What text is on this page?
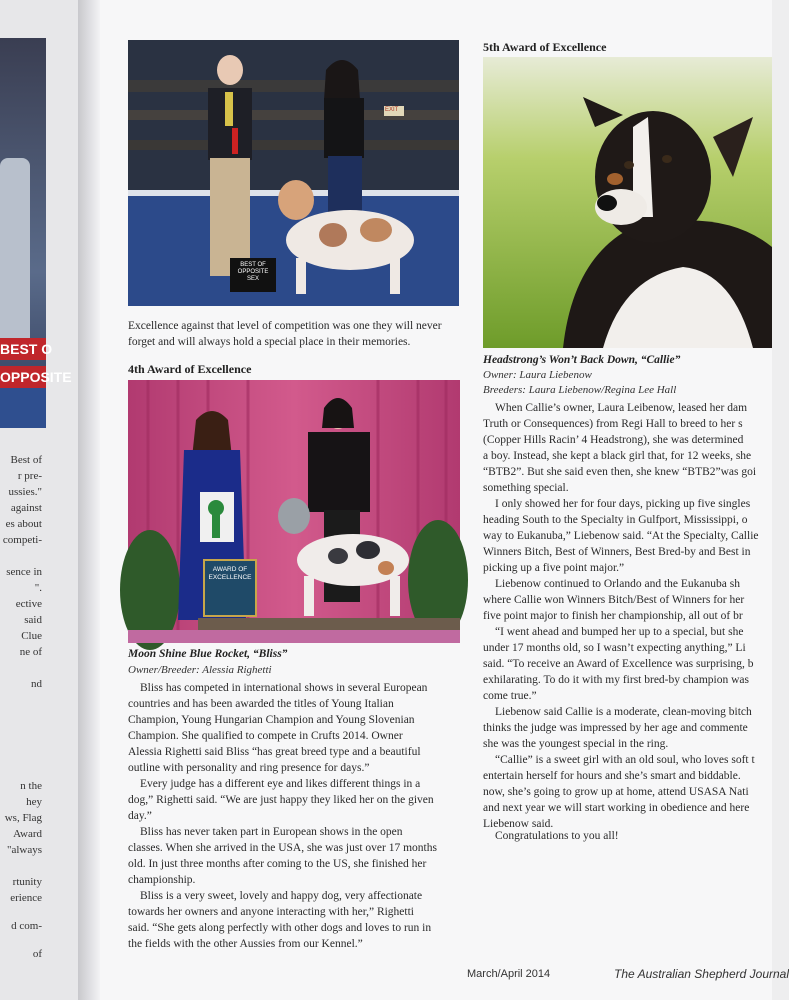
BEST O
OPPOSITE
Best of
r pre-
ussies."
against
es about
competi-
sence in
".
ective
said
Clue
ne of
nd
n the
hey
ws, Flag
Award
"always
rtunity
erience
d com-
of
BEST OF OPPOSITE SEX
EXIT
Excellence against that level of competition was one they will never
forget and will always hold a special place in their memories.
4th Award of Excellence
AWARD OF EXCELLENCE
Moon Shine Blue Rocket, “Bliss”
Owner/Breeder: Alessia Righetti
Bliss has competed in international shows in several European
countries and has been awarded the titles of Young Italian
Champion, Young Hungarian Champion and Young Slovenian
Champion. She qualified to compete in Crufts 2014. Owner
Alessia Righetti said Bliss “has great breed type and a beautiful
outline with personality and ring presence for days.”
Every judge has a different eye and likes different things in a
dog,” Righetti said. “We are just happy they liked her on the given
day.”
Bliss has never taken part in European shows in the open
classes. When she arrived in the USA, she was just over 17 months
old. In just three months after coming to the US, she finished her
championship.
Bliss is a very sweet, lovely and happy dog, very affectionate
towards her owners and anyone interacting with her,” Righetti
said. “She gets along perfectly with other dogs and loves to run in
the fields with the other Aussies from our Kennel.”
5th Award of Excellence
Headstrong’s Won’t Back Down, “Callie”
Owner: Laura Liebenow
Breeders: Laura Liebenow/Regina Lee Hall
When Callie’s owner, Laura Leibenow, leased her dam
Truth or Consequences) from Regi Hall to breed to her s
(Copper Hills Racin’ 4 Headstrong), she was determined
a boy. Instead, she kept a black girl that, for 12 weeks, she
“BTB2”. But she said even then, she knew “BTB2”was goi
something special.
I only showed her for four days, picking up five singles
heading South to the Specialty in Gulfport, Mississippi, o
way to Eukanuba,” Liebenow said. “At the Specialty, Callie
Winners Bitch, Best of Winners, Best Bred-by and Best in
picking up a five point major.”
Liebenow continued to Orlando and the Eukanuba sh
where Callie won Winners Bitch/Best of Winners for her
five point major to finish her championship, all out of br
“I went ahead and bumped her up to a special, but she
under 17 months old, so I wasn’t expecting anything,” Li
said. “To receive an Award of Excellence was surprising, b
exhilarating. To do it with my first bred-by champion was
come true.”
Liebenow said Callie is a moderate, clean-moving bitch
thinks the judge was impressed by her age and commente
she was the youngest special in the ring.
“Callie” is a sweet girl with an old soul, who loves soft t
entertain herself for hours and she’s smart and biddable.
now, she’s going to grow up at home, attend USASA Nati
and next year we will start working in obedience and here
Liebenow said.
Congratulations to you all!
March/April 2014	The Australian Shepherd Journal
